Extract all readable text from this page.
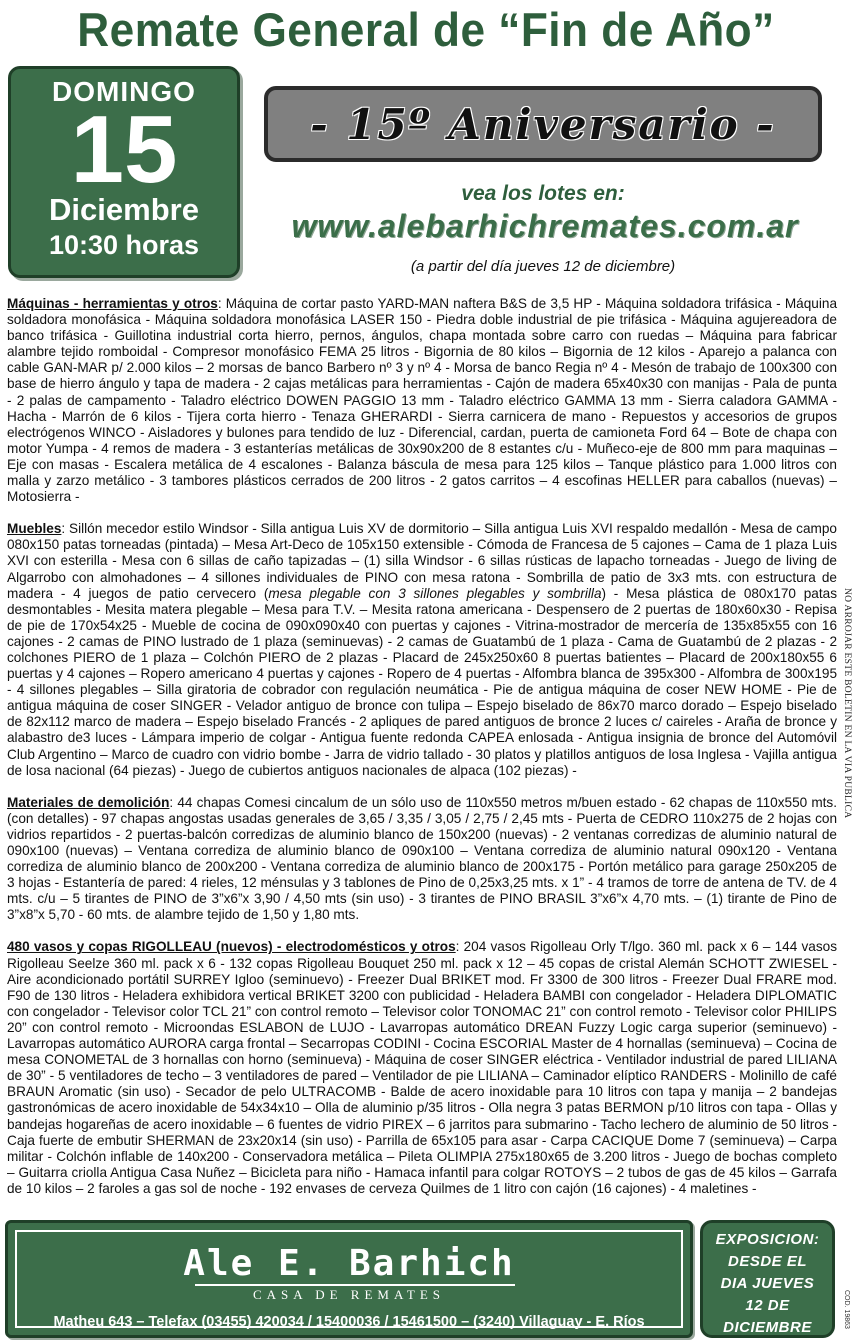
Remate General de “Fin de Año”
DOMINGO
15
Diciembre
10:30 horas
- 15º Aniversario -
vea los lotes en:
www.alebarhichremates.com.ar
(a partir del día jueves 12 de diciembre)

Máquinas - herramientas y otros: Máquina de cortar pasto YARD-MAN naftera B&S de 3,5 HP - Máquina soldadora trifásica - Máquina soldadora monofásica - Máquina soldadora monofásica LASER 150 - Piedra doble industrial de pie trifásica - Máquina agujereadora de banco trifásica - Guillotina industrial corta hierro, pernos, ángulos, chapa montada sobre carro con ruedas – Máquina para fabricar alambre tejido romboidal - Compresor monofásico FEMA 25 litros - Bigornia de 80 kilos – Bigornia de 12 kilos - Aparejo a palanca con cable GAN-MAR p/ 2.000 kilos – 2 morsas de banco Barbero nº 3 y nº 4 - Morsa de banco Regia nº 4 - Mesón de trabajo de 100x300 con base de hierro ángulo y tapa de madera - 2 cajas metálicas para herramientas - Cajón de madera 65x40x30 con manijas - Pala de punta - 2 palas de campamento - Taladro eléctrico DOWEN PAGGIO 13 mm - Taladro eléctrico GAMMA 13 mm - Sierra caladora GAMMA - Hacha - Marrón de 6 kilos - Tijera corta hierro - Tenaza GHERARDI - Sierra carnicera de mano - Repuestos y accesorios de grupos electrógenos WINCO - Aisladores y bulones para tendido de luz - Diferencial, cardan, puerta de camioneta Ford 64 – Bote de chapa con motor Yumpa - 4 remos de madera - 3 estanterías metálicas de 30x90x200 de 8 estantes c/u - Muñeco-eje de 800 mm para maquinas – Eje con masas - Escalera metálica de 4 escalones - Balanza báscula de mesa para 125 kilos – Tanque plástico para 1.000 litros con malla y zarzo metálico - 3 tambores plásticos cerrados de 200 litros - 2 gatos carritos – 4 escofinas HELLER para caballos (nuevas) – Motosierra -

Muebles: Sillón mecedor estilo Windsor - Silla antigua Luis XV de dormitorio – Silla antigua Luis XVI respaldo medallón - Mesa de campo 080x150 patas torneadas (pintada) – Mesa Art-Deco de 105x150 extensible - Cómoda de Francesa de 5 cajones – Cama de 1 plaza Luis XVI con esterilla - Mesa con 6 sillas de caño tapizadas – (1) silla Windsor - 6 sillas rústicas de lapacho torneadas - Juego de living de Algarrobo con almohadones – 4 sillones individuales de PINO con mesa ratona - Sombrilla de patio de 3x3 mts. con estructura de madera - 4 juegos de patio cervecero (mesa plegable con 3 sillones plegables y sombrilla) - Mesa plástica de 080x170 patas desmontables - Mesita matera plegable – Mesa para T.V. – Mesita ratona americana - Despensero de 2 puertas de 180x60x30 - Repisa de pie de 170x54x25 - Mueble de cocina de 090x090x40 con puertas y cajones - Vitrina-mostrador de mercería de 135x85x55 con 16 cajones - 2 camas de PINO lustrado de 1 plaza (seminuevas) - 2 camas de Guatambú de 1 plaza - Cama de Guatambú de 2 plazas - 2 colchones PIERO de 1 plaza – Colchón PIERO de 2 plazas - Placard de 245x250x60 8 puertas batientes – Placard de 200x180x55 6 puertas y 4 cajones – Ropero americano 4 puertas y cajones - Ropero de 4 puertas - Alfombra blanca de 395x300 - Alfombra de 300x195 - 4 sillones plegables – Silla giratoria de cobrador con regulación neumática - Pie de antigua máquina de coser NEW HOME - Pie de antigua máquina de coser SINGER - Velador antiguo de bronce con tulipa – Espejo biselado de 86x70 marco dorado – Espejo biselado de 82x112 marco de madera – Espejo biselado Francés - 2 apliques de pared antiguos de bronce 2 luces c/ caireles - Araña de bronce y alabastro de3 luces - Lámpara imperio de colgar - Antigua fuente redonda CAPEA enlosada - Antigua insignia de bronce del Automóvil Club Argentino – Marco de cuadro con vidrio bombe - Jarra de vidrio tallado - 30 platos y platillos antiguos de losa Inglesa - Vajilla antigua de losa nacional (64 piezas) - Juego de cubiertos antiguos nacionales de alpaca (102 piezas) -

Materiales de demolición: 44 chapas Comesi cincalum de un sólo uso de 110x550 metros m/buen estado - 62 chapas de 110x550 mts. (con detalles) - 97 chapas angostas usadas generales de 3,65 / 3,35 / 3,05 / 2,75 / 2,45 mts - Puerta de CEDRO 110x275 de 2 hojas con vidrios repartidos - 2 puertas-balcón corredizas de aluminio blanco de 150x200 (nuevas) - 2 ventanas corredizas de aluminio natural de 090x100 (nuevas) – Ventana corrediza de aluminio blanco de 090x100 – Ventana corrediza de aluminio natural 090x120 - Ventana corrediza de aluminio blanco de 200x200 - Ventana corrediza de aluminio blanco de 200x175 - Portón metálico para garage 250x205 de 3 hojas - Estantería de pared: 4 rieles, 12 ménsulas y 3 tablones de Pino de 0,25x3,25 mts. x 1” - 4 tramos de torre de antena de TV. de 4 mts. c/u – 5 tirantes de PINO de 3”x6”x 3,90 / 4,50 mts (sin uso) - 3 tirantes de PINO BRASIL 3”x6”x 4,70 mts. – (1) tirante de Pino de 3”x8”x 5,70 - 60 mts. de alambre tejido de 1,50 y 1,80 mts.

480 vasos y copas RIGOLLEAU (nuevos) - electrodomésticos y otros: 204 vasos Rigolleau Orly T/lgo. 360 ml. pack x 6 – 144 vasos Rigolleau Seelze 360 ml. pack x 6 - 132 copas Rigolleau Bouquet 250 ml. pack x 12 – 45 copas de cristal Alemán SCHOTT ZWIESEL - Aire acondicionado portátil SURREY Igloo (seminuevo) - Freezer Dual BRIKET mod. Fr 3300 de 300 litros - Freezer Dual FRARE mod. F90 de 130 litros - Heladera exhibidora vertical BRIKET 3200 con publicidad - Heladera BAMBI con congelador - Heladera DIPLOMATIC con congelador - Televisor color TCL 21” con control remoto – Televisor color TONOMAC 21” con control remoto - Televisor color PHILIPS 20” con control remoto - Microondas ESLABON de LUJO - Lavarropas automático DREAN Fuzzy Logic carga superior (seminuevo) - Lavarropas automático AURORA carga frontal – Secarropas CODINI - Cocina ESCORIAL Master de 4 hornallas (seminueva) – Cocina de mesa CONOMETAL de 3 hornallas con horno (seminueva) - Máquina de coser SINGER eléctrica - Ventilador industrial de pared LILIANA de 30” - 5 ventiladores de techo – 3 ventiladores de pared – Ventilador de pie LILIANA – Caminador elíptico RANDERS - Molinillo de café BRAUN Aromatic (sin uso) - Secador de pelo ULTRACOMB - Balde de acero inoxidable para 10 litros con tapa y manija – 2 bandejas gastronómicas de acero inoxidable de 54x34x10 – Olla de aluminio p/35 litros - Olla negra 3 patas BERMON p/10 litros con tapa - Ollas y bandejas hogareñas de acero inoxidable – 6 fuentes de vidrio PIREX – 6 jarritos para submarino - Tacho lechero de aluminio de 50 litros - Caja fuerte de embutir SHERMAN de 23x20x14 (sin uso) - Parrilla de 65x105 para asar - Carpa CACIQUE Dome 7 (seminueva) – Carpa militar - Colchón inflable de 140x200 - Conservadora metálica – Pileta OLIMPIA 275x180x65 de 3.200 litros - Juego de bochas completo – Guitarra criolla Antigua Casa Nuñez – Bicicleta para niño - Hamaca infantil para colgar ROTOYS – 2 tubos de gas de 45 kilos – Garrafa de 10 kilos – 2 faroles a gas sol de noche - 192 envases de cerveza Quilmes de 1 litro con cajón (16 cajones) - 4 maletines -

NO ARROJAR ESTE BOLETIN EN LA VIA PUBLICA
Ale E. Barhich
CASA DE REMATES
Matheu 643 – Telefax (03455) 420034 / 15400036 / 15461500 – (3240) Villaguay - E. Ríos
EXPOSICION:
DESDE EL
DIA JUEVES
12 DE
DICIEMBRE	COD. 19863
